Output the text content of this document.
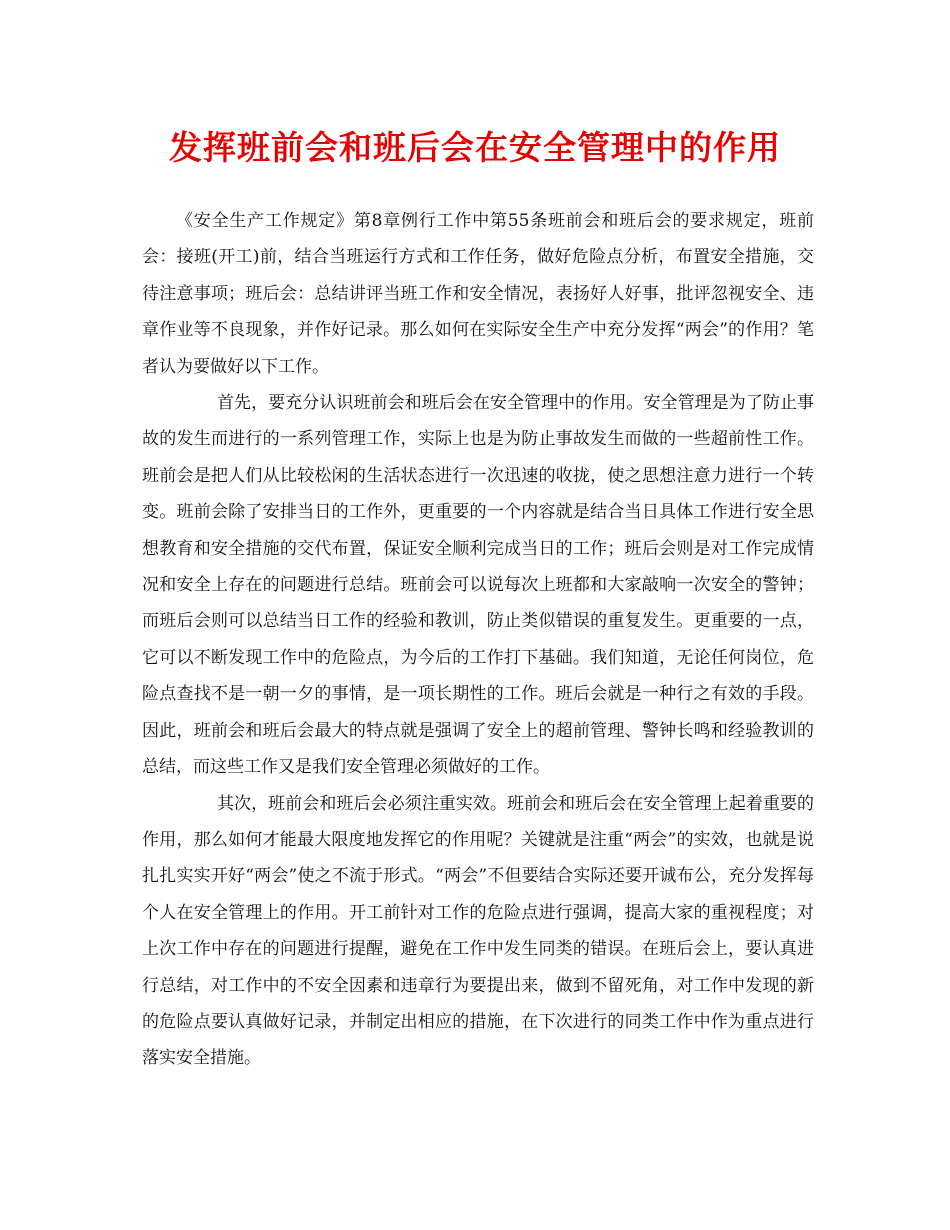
发挥班前会和班后会在安全管理中的作用

《安全生产工作规定》第8章例行工作中第55条班前会和班后会的要求规定，班前会：接班(开工)前，结合当班运行方式和工作任务，做好危险点分析，布置安全措施，交待注意事项；班后会：总结讲评当班工作和安全情况，表扬好人好事，批评忽视安全、违章作业等不良现象，并作好记录。那么如何在实际安全生产中充分发挥“两会”的作用？笔者认为要做好以下工作。

首先，要充分认识班前会和班后会在安全管理中的作用。安全管理是为了防止事故的发生而进行的一系列管理工作，实际上也是为防止事故发生而做的一些超前性工作。班前会是把人们从比较松闲的生活状态进行一次迅速的收拢，使之思想注意力进行一个转变。班前会除了安排当日的工作外，更重要的一个内容就是结合当日具体工作进行安全思想教育和安全措施的交代布置，保证安全顺利完成当日的工作；班后会则是对工作完成情况和安全上存在的问题进行总结。班前会可以说每次上班都和大家敲响一次安全的警钟；而班后会则可以总结当日工作的经验和教训，防止类似错误的重复发生。更重要的一点，它可以不断发现工作中的危险点，为今后的工作打下基础。我们知道，无论任何岗位，危险点查找不是一朝一夕的事情，是一项长期性的工作。班后会就是一种行之有效的手段。因此，班前会和班后会最大的特点就是强调了安全上的超前管理、警钟长鸣和经验教训的总结，而这些工作又是我们安全管理必须做好的工作。

其次，班前会和班后会必须注重实效。班前会和班后会在安全管理上起着重要的作用，那么如何才能最大限度地发挥它的作用呢？关键就是注重“两会”的实效，也就是说扎扎实实开好“两会”使之不流于形式。“两会”不但要结合实际还要开诚布公，充分发挥每个人在安全管理上的作用。开工前针对工作的危险点进行强调，提高大家的重视程度；对上次工作中存在的问题进行提醒，避免在工作中发生同类的错误。在班后会上，要认真进行总结，对工作中的不安全因素和违章行为要提出来，做到不留死角，对工作中发现的新的危险点要认真做好记录，并制定出相应的措施，在下次进行的同类工作中作为重点进行落实安全措施。
